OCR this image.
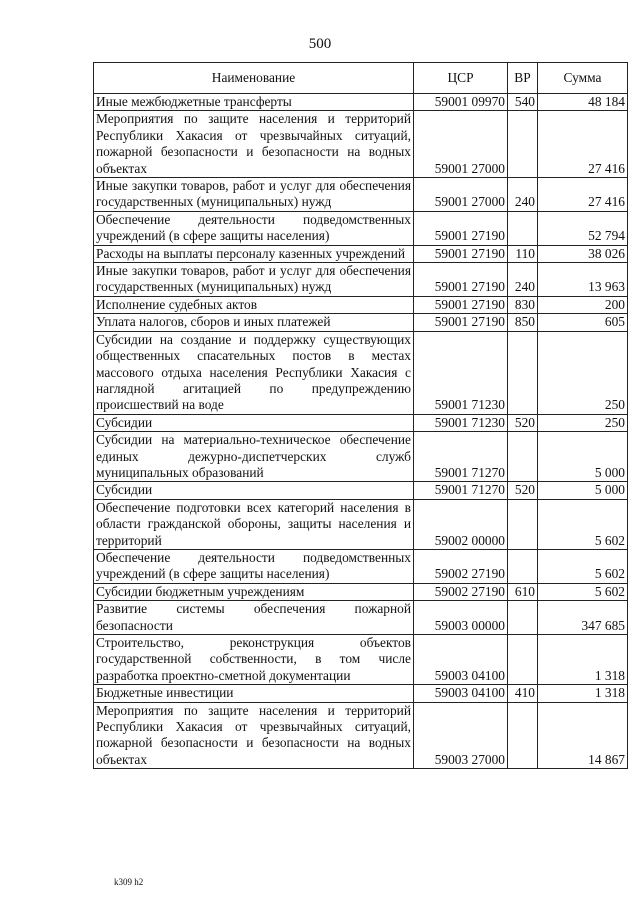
500
Наименование	ЦСР	ВР	Сумма
Иные межбюджетные трансферты	59001 09970	540	48 184
Мероприятия по защите населения и территорий Республики Хакасия от чрезвычайных ситуаций, пожарной безопасности и безопасности на водных объектах	59001 27000		27 416
Иные закупки товаров, работ и услуг для обеспечения государственных (муниципальных) нужд	59001 27000	240	27 416
Обеспечение деятельности подведомственных учреждений (в сфере защиты населения)	59001 27190		52 794
Расходы на выплаты персоналу казенных учреждений	59001 27190	110	38 026
Иные закупки товаров, работ и услуг для обеспечения государственных (муниципальных) нужд	59001 27190	240	13 963
Исполнение судебных актов	59001 27190	830	200
Уплата налогов, сборов и иных платежей	59001 27190	850	605
Субсидии на создание и поддержку существующих общественных спасательных постов в местах массового отдыха населения Республики Хакасия с наглядной агитацией по предупреждению происшествий на воде	59001 71230		250
Субсидии	59001 71230	520	250
Субсидии на материально-техническое обеспечение единых дежурно-диспетчерских служб муниципальных образований	59001 71270		5 000
Субсидии	59001 71270	520	5 000
Обеспечение подготовки всех категорий населения в области гражданской обороны, защиты населения и территорий	59002 00000		5 602
Обеспечение деятельности подведомственных учреждений (в сфере защиты населения)	59002 27190		5 602
Субсидии бюджетным учреждениям	59002 27190	610	5 602
Развитие системы обеспечения пожарной безопасности	59003 00000		347 685
Строительство, реконструкция объектов государственной собственности, в том числе разработка проектно-сметной документации	59003 04100		1 318
Бюджетные инвестиции	59003 04100	410	1 318
Мероприятия по защите населения и территорий Республики Хакасия от чрезвычайных ситуаций, пожарной безопасности и безопасности на водных объектах	59003 27000		14 867
k309 h2
